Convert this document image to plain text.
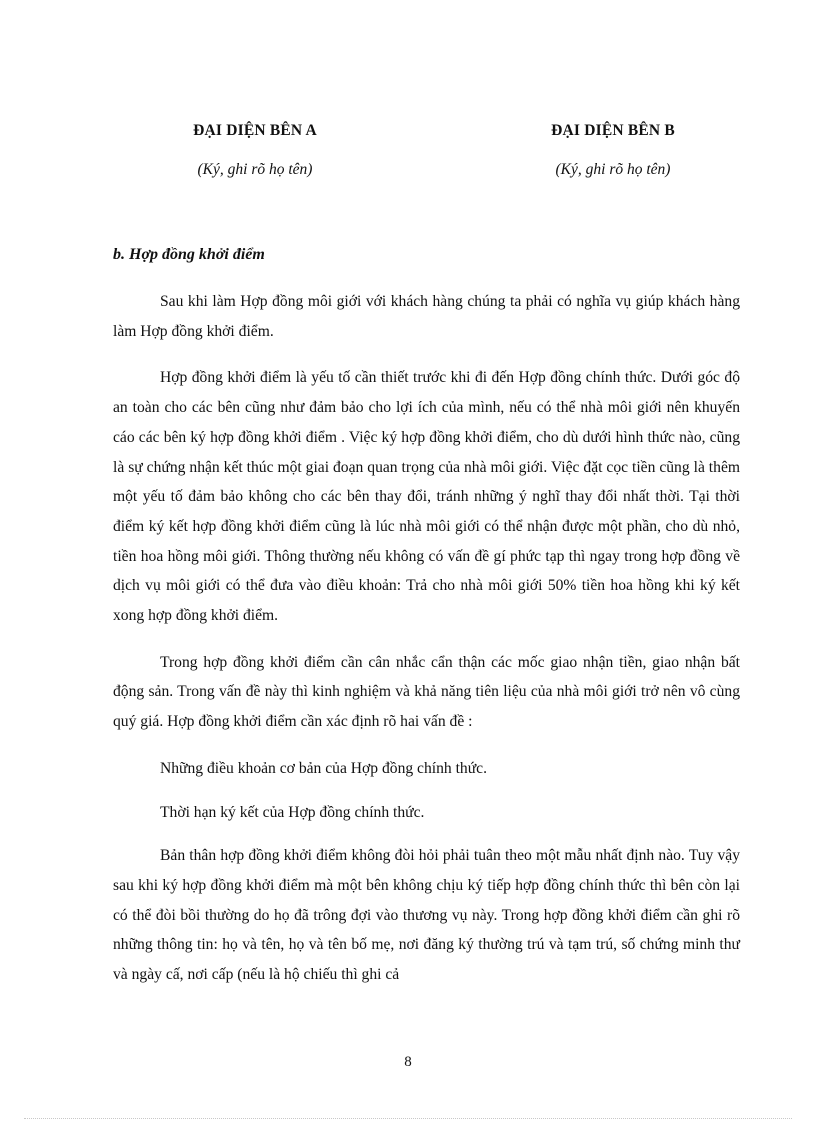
ĐẠI DIỆN BÊN A
(Ký, ghi rõ họ tên)
ĐẠI DIỆN BÊN B
(Ký, ghi rõ họ tên)
b. Hợp đồng khởi điểm

Sau khi làm Hợp đồng môi giới với khách hàng chúng ta phải có nghĩa vụ giúp khách hàng làm Hợp đồng khởi điểm.

Hợp đồng khởi điểm là yếu tố cần thiết trước khi đi đến Hợp đồng chính thức. Dưới góc độ an toàn cho các bên cũng như đảm bảo cho lợi ích của mình, nếu có thể nhà môi giới nên khuyến cáo các bên ký hợp đồng khởi điểm . Việc ký hợp đồng khởi điểm, cho dù dưới hình thức nào, cũng là sự chứng nhận kết thúc một giai đoạn quan trọng của nhà môi giới. Việc đặt cọc tiền cũng là thêm một yếu tố đảm bảo không cho các bên thay đổi, tránh những ý nghĩ thay đổi nhất thời. Tại thời điểm ký kết hợp đồng khởi điểm cũng là lúc nhà môi giới có thể nhận được một phần, cho dù nhỏ, tiền hoa hồng môi giới. Thông thường nếu không có vấn đề gí phức tạp thì ngay trong hợp đồng về dịch vụ môi giới có thể đưa vào điều khoản: Trả cho nhà môi giới 50% tiền hoa hồng khi ký kết xong hợp đồng khởi điểm.

Trong hợp đồng khởi điểm cần cân nhắc cẩn thận các mốc giao nhận tiền, giao nhận bất động sản. Trong vấn đề này thì kinh nghiệm và khả năng tiên liệu của nhà môi giới trở nên vô cùng quý giá. Hợp đồng khởi điểm cần xác định rõ hai vấn đề :

Những điều khoản cơ bản của Hợp đồng chính thức.

Thời hạn ký kết của Hợp đồng chính thức.

Bản thân hợp đồng khởi điểm không đòi hỏi phải tuân theo một mẫu nhất định nào. Tuy vậy sau khi ký hợp đồng khởi điểm mà một bên không chịu ký tiếp hợp đồng chính thức thì bên còn lại có thể đòi bồi thường do họ đã trông đợi vào thương vụ này. Trong hợp đồng khởi điểm cần ghi rõ những thông tin: họ và tên, họ và tên bố mẹ, nơi đăng ký thường trú và tạm trú, số chứng minh thư và ngày cấ, nơi cấp (nếu là hộ chiếu thì ghi cả

8
